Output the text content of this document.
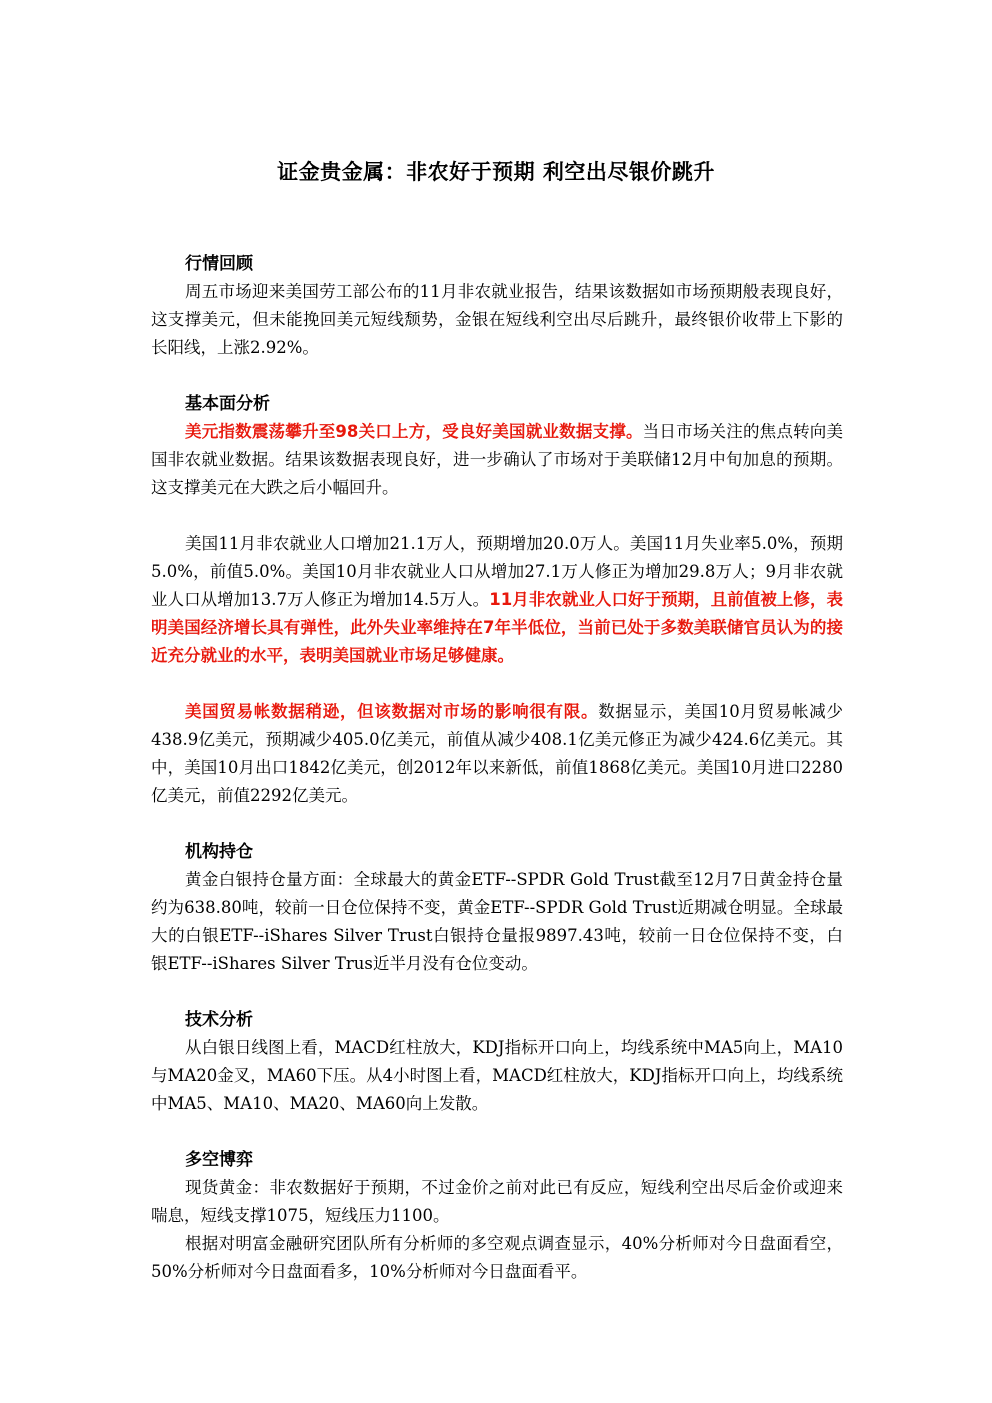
证金贵金属：非农好于预期 利空出尽银价跳升

行情回顾

周五市场迎来美国劳工部公布的11月非农就业报告，结果该数据如市场预期般表现良好，这支撑美元，但未能挽回美元短线颓势，金银在短线利空出尽后跳升，最终银价收带上下影的长阳线，上涨2.92%。

基本面分析

美元指数震荡攀升至98关口上方，受良好美国就业数据支撑。当日市场关注的焦点转向美国非农就业数据。结果该数据表现良好，进一步确认了市场对于美联储12月中旬加息的预期。这支撑美元在大跌之后小幅回升。

美国11月非农就业人口增加21.1万人，预期增加20.0万人。美国11月失业率5.0%，预期5.0%，前值5.0%。美国10月非农就业人口从增加27.1万人修正为增加29.8万人；9月非农就业人口从增加13.7万人修正为增加14.5万人。11月非农就业人口好于预期，且前值被上修，表明美国经济增长具有弹性，此外失业率维持在7年半低位，当前已处于多数美联储官员认为的接近充分就业的水平，表明美国就业市场足够健康。

美国贸易帐数据稍逊，但该数据对市场的影响很有限。数据显示，美国10月贸易帐减少438.9亿美元，预期减少405.0亿美元，前值从减少408.1亿美元修正为减少424.6亿美元。其中，美国10月出口1842亿美元，创2012年以来新低，前值1868亿美元。美国10月进口2280亿美元，前值2292亿美元。

机构持仓

黄金白银持仓量方面：全球最大的黄金ETF--SPDR Gold Trust截至12月7日黄金持仓量约为638.80吨，较前一日仓位保持不变，黄金ETF--SPDR Gold Trust近期减仓明显。全球最大的白银ETF--iShares Silver Trust白银持仓量报9897.43吨，较前一日仓位保持不变，白银ETF--iShares Silver Trus近半月没有仓位变动。

技术分析

从白银日线图上看，MACD红柱放大，KDJ指标开口向上，均线系统中MA5向上，MA10与MA20金叉，MA60下压。从4小时图上看，MACD红柱放大，KDJ指标开口向上，均线系统中MA5、MA10、MA20、MA60向上发散。

多空博弈

现货黄金：非农数据好于预期，不过金价之前对此已有反应，短线利空出尽后金价或迎来喘息，短线支撑1075，短线压力1100。

根据对明富金融研究团队所有分析师的多空观点调查显示，40%分析师对今日盘面看空，50%分析师对今日盘面看多，10%分析师对今日盘面看平。
